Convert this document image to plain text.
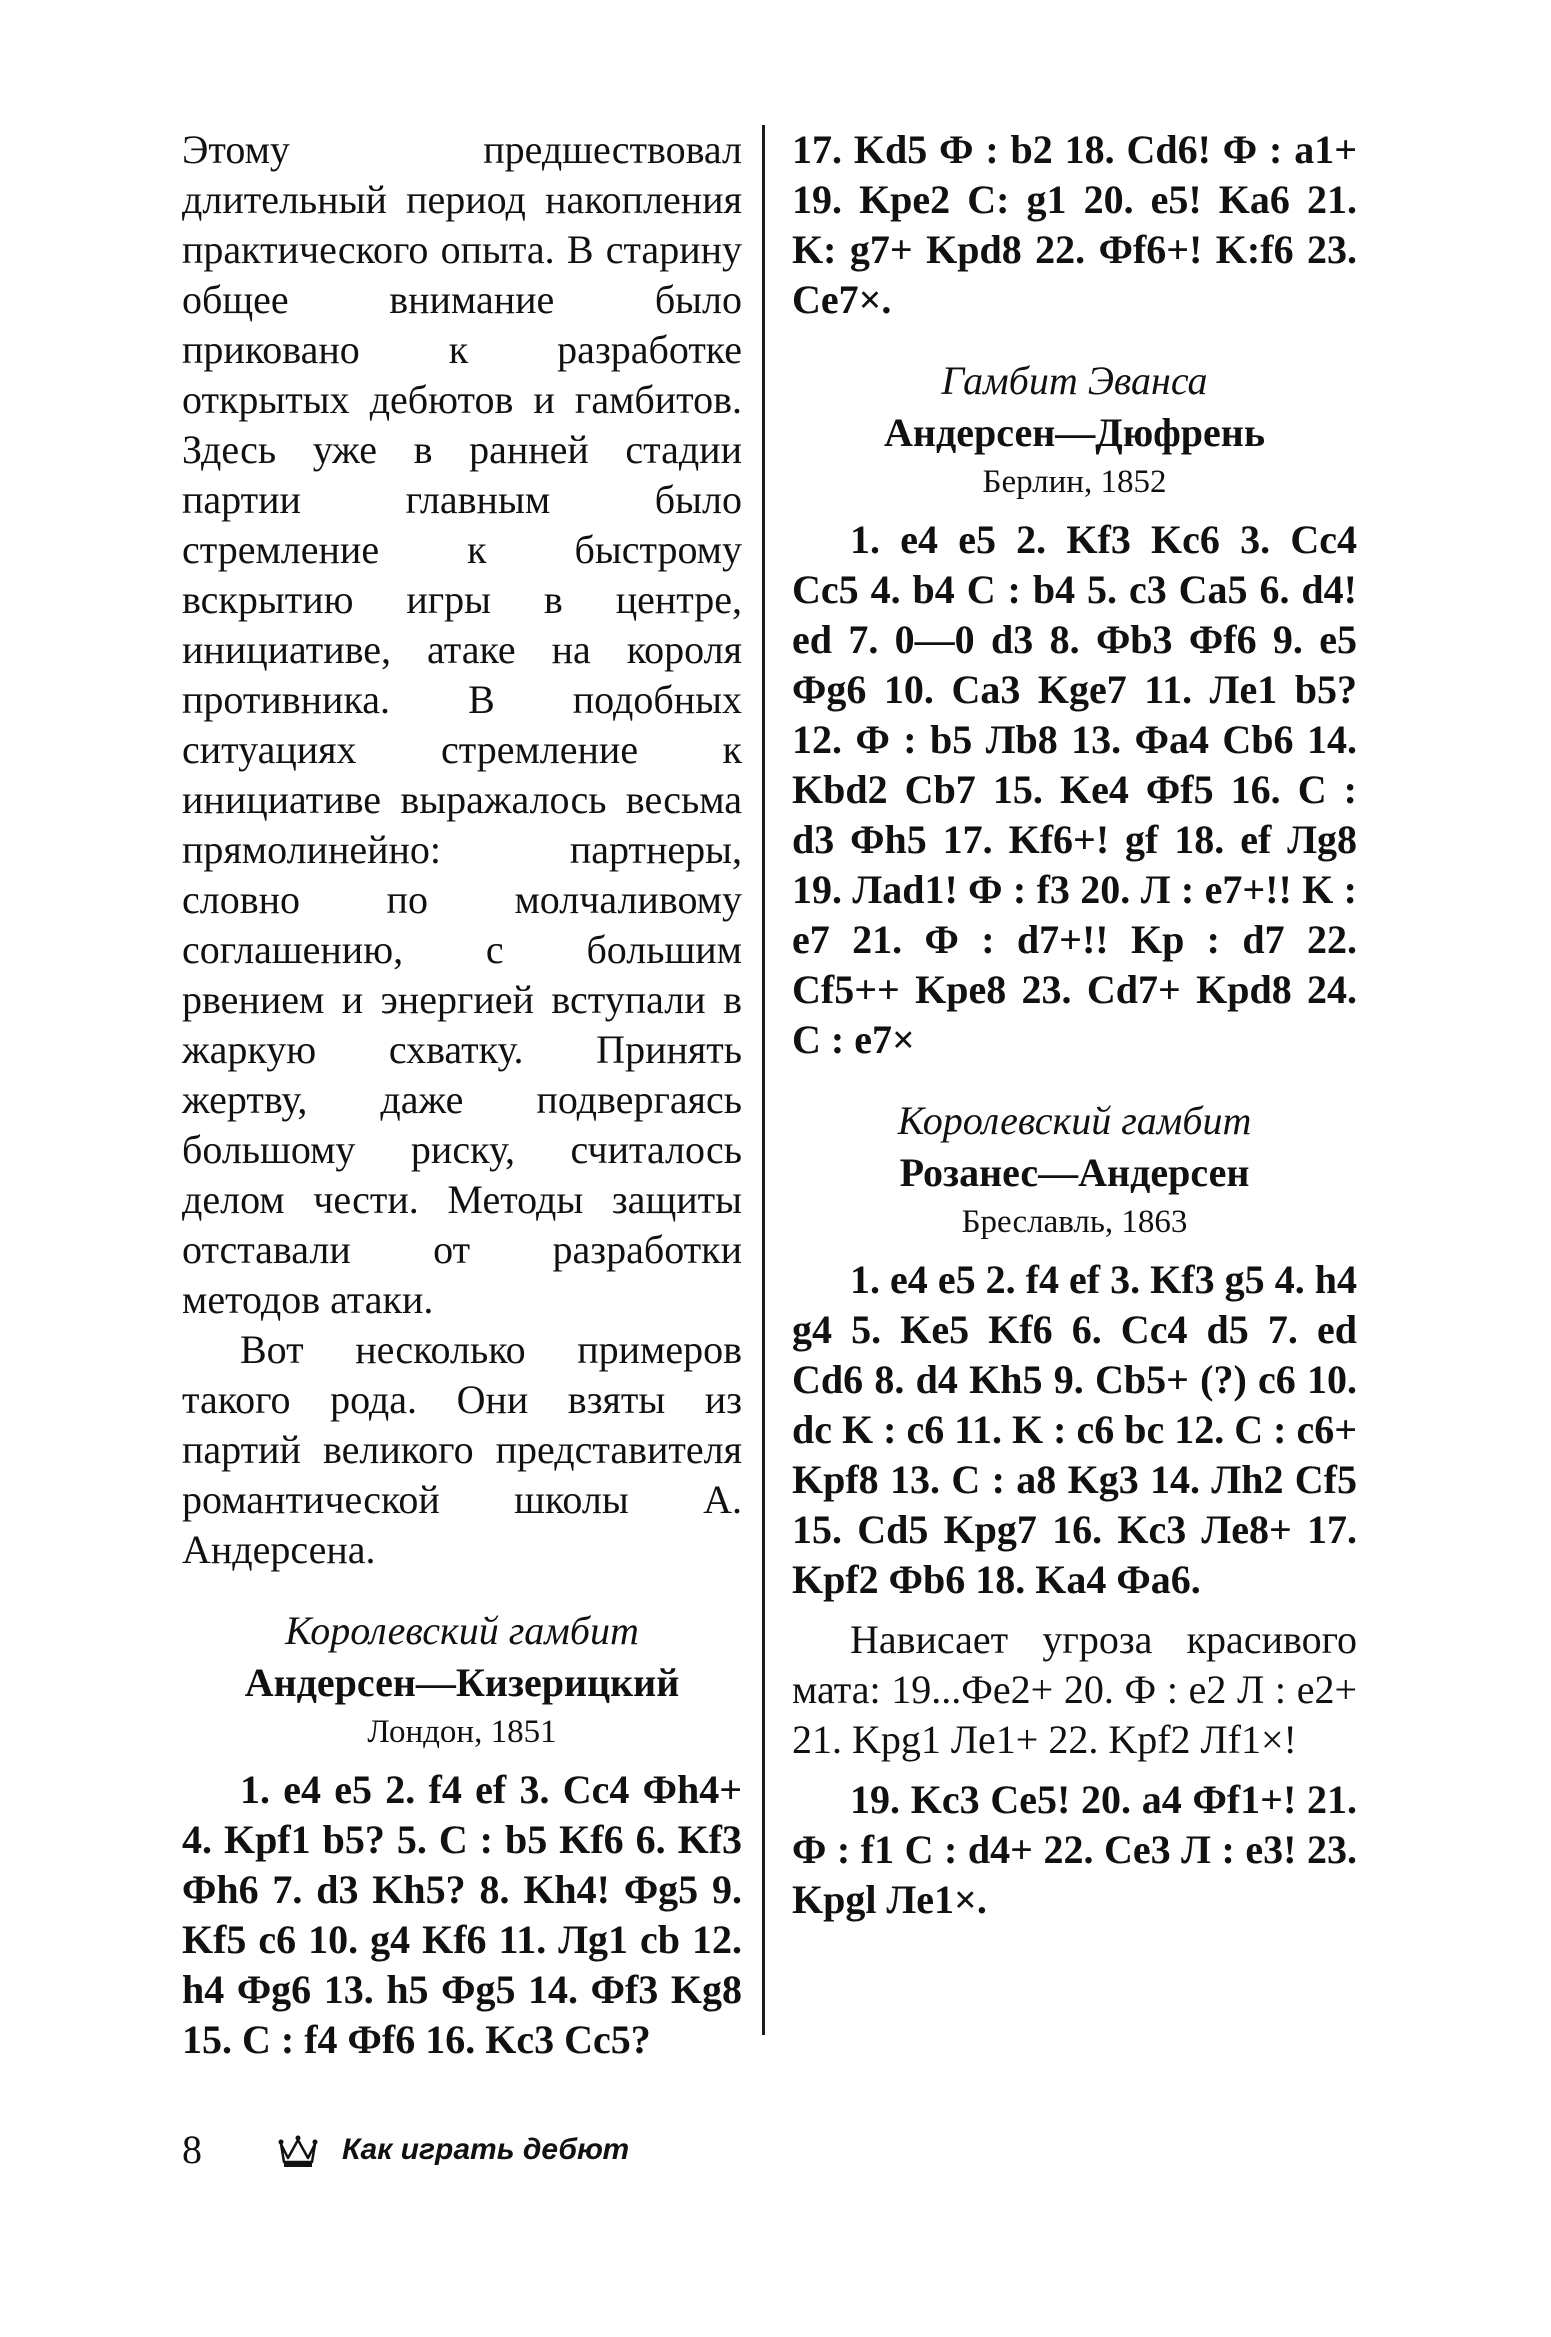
Этому предшествовал длительный период накопления практического опыта. В старину общее внимание было приковано к разработке открытых дебютов и гамбитов. Здесь уже в ранней стадии партии главным было стремление к быстрому вскрытию игры в центре, инициативе, атаке на короля противника. В подобных ситуациях стремление к инициативе выражалось весьма прямолинейно: партнеры, словно по молчаливому соглашению, с большим рвением и энергией вступали в жаркую схватку. Принять жертву, даже подвергаясь большому риску, считалось делом чести. Методы защиты отставали от разработки методов атаки.

Вот несколько примеров такого рода. Они взяты из партий великого представителя романтической школы А. Андерсена.

Королевский гамбит

Андерсен—Кизерицкий

Лондон, 1851

1. e4 e5 2. f4 ef 3. Cc4 Фh4+ 4. Kpf1 b5? 5. C : b5 Kf6 6. Kf3 Фh6 7. d3 Kh5? 8. Kh4! Фg5 9. Kf5 c6 10. g4 Kf6 11. Лg1 cb 12. h4 Фg6 13. h5 Фg5 14. Фf3 Kg8 15. C : f4 Фf6 16. Kc3 Cc5?

17. Kd5 Ф : b2 18. Cd6! Ф : a1+ 19. Kpe2 C: g1 20. e5! Ka6 21. K: g7+ Kpd8 22. Фf6+! K:f6 23. Ce7×.

Гамбит Эванса

Андерсен—Дюфрень

Берлин, 1852

1. e4 e5 2. Kf3 Kc6 3. Cc4 Cc5 4. b4 C : b4 5. c3 Ca5 6. d4! ed 7. 0—0 d3 8. Фb3 Фf6 9. e5 Фg6 10. Ca3 Kge7 11. Лe1 b5? 12. Ф : b5 Лb8 13. Фa4 Cb6 14. Kbd2 Cb7 15. Ke4 Фf5 16. C : d3 Фh5 17. Kf6+! gf 18. ef Лg8 19. Лad1! Ф : f3 20. Л : e7+!! K : e7 21. Ф : d7+!! Kp : d7 22. Cf5++ Kpe8 23. Cd7+ Kpd8 24. C : e7×

Королевский гамбит

Розанес—Андерсен

Бреславль, 1863

1. e4 e5 2. f4 ef 3. Kf3 g5 4. h4 g4 5. Ke5 Kf6 6. Cc4 d5 7. ed Cd6 8. d4 Kh5 9. Cb5+ (?) c6 10. dc K : c6 11. K : c6 bc 12. C : c6+ Kpf8 13. C : a8 Kg3 14. Лh2 Cf5 15. Cd5 Kpg7 16. Kc3 Лe8+ 17. Kpf2 Фb6 18. Ka4 Фa6.

Нависает угроза красивого мата: 19...Фе2+ 20. Ф : e2 Л : e2+ 21. Kpg1 Лe1+ 22. Kpf2 Лf1×!

19. Kc3 Ce5! 20. a4 Фf1+! 21. Ф : f1 C : d4+ 22. Ce3 Л : e3! 23. Kpgl Лe1×.

8	Как играть дебют
